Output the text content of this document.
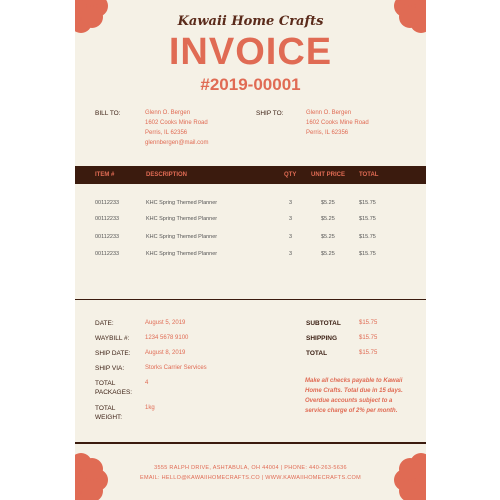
Kawaii Home Crafts
INVOICE
#2019-00001
BILL TO:	Glenn O. Bergen
1602 Cooks Mine Road
Perris, IL 62356
glennbergen@mail.com
SHIP TO:	Glenn O. Bergen
1602 Cooks Mine Road
Perris, IL 62356
ITEM #	DESCRIPTION	QTY UNIT PRICE TOTAL
00112233	KHC Spring Themed Planner	3	$5.25	$15.75
00112233	KHC Spring Themed Planner	3	$5.25	$15.75
00112233	KHC Spring Themed Planner	3	$5.25	$15.75
00112233	KHC Spring Themed Planner	3	$5.25	$15.75
DATE:	August 5, 2019
WAYBILL #:	1234 5678 9100
SHIP DATE: August 8, 2019
SHIP VIA:	Storks Carrier Services
TOTAL
PACKAGES:
4
TOTAL
WEIGHT:
1kg
SUBTOTAL	$15.75
SHIPPING	$15.75
TOTAL	$15.75
Make all checks payable to Kawaii Home Crafts. Total due in 15 days. Overdue accounts subject to a service charge of 2% per month.
3555 RALPH DRIVE, ASHTABULA, OH 44004 | PHONE: 440-263-5636
EMAIL: HELLO@KAWAIIHOMECRAFTS.CO | WWW.KAWAIIHOMECRAFTS.COM
